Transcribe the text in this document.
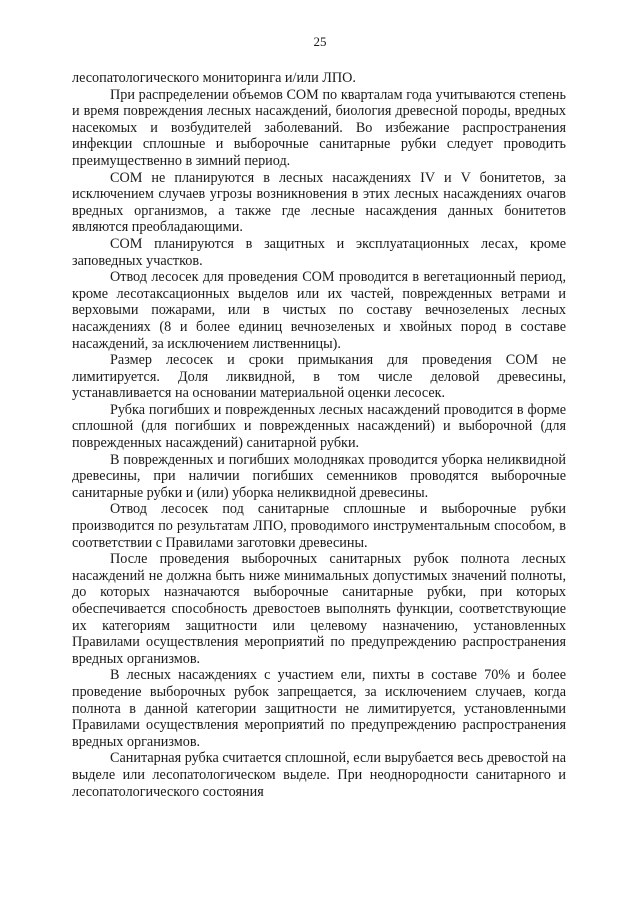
25

лесопатологического мониторинга и/или ЛПО.

При распределении объемов СОМ по кварталам года учитываются степень и время повреждения лесных насаждений, биология древесной породы, вредных насекомых и возбудителей заболеваний. Во избежание распространения инфекции сплошные и выборочные санитарные рубки следует проводить преимущественно в зимний период.

СОМ не планируются в лесных насаждениях IV и V бонитетов, за исключением случаев угрозы возникновения в этих лесных насаждениях очагов вредных организмов, а также где лесные насаждения данных бонитетов являются преобладающими.

СОМ планируются в защитных и эксплуатационных лесах, кроме заповедных участков.

Отвод лесосек для проведения СОМ проводится в вегетационный период, кроме лесотаксационных выделов или их частей, поврежденных ветрами и верховыми пожарами, или в чистых по составу вечнозеленых лесных насаждениях (8 и более единиц вечнозеленых и хвойных пород в составе насаждений, за исключением лиственницы).

Размер лесосек и сроки примыкания для проведения СОМ не лимитируется. Доля ликвидной, в том числе деловой древесины, устанавливается на основании материальной оценки лесосек.

Рубка погибших и поврежденных лесных насаждений проводится в форме сплошной (для погибших и поврежденных насаждений) и выборочной (для поврежденных насаждений) санитарной рубки.

В поврежденных и погибших молодняках проводится уборка неликвидной древесины, при наличии погибших семенников проводятся выборочные санитарные рубки и (или) уборка неликвидной древесины.

Отвод лесосек под санитарные сплошные и выборочные рубки производится по результатам ЛПО, проводимого инструментальным способом, в соответствии с Правилами заготовки древесины.

После проведения выборочных санитарных рубок полнота лесных насаждений не должна быть ниже минимальных допустимых значений полноты, до которых назначаются выборочные санитарные рубки, при которых обеспечивается способность древостоев выполнять функции, соответствующие их категориям защитности или целевому назначению, установленных Правилами осуществления мероприятий по предупреждению распространения вредных организмов.

В лесных насаждениях с участием ели, пихты в составе 70% и более проведение выборочных рубок запрещается, за исключением случаев, когда полнота в данной категории защитности не лимитируется, установленными Правилами осуществления мероприятий по предупреждению распространения вредных организмов.

Санитарная рубка считается сплошной, если вырубается весь древостой на выделе или лесопатологическом выделе. При неоднородности санитарного и лесопатологического состояния
